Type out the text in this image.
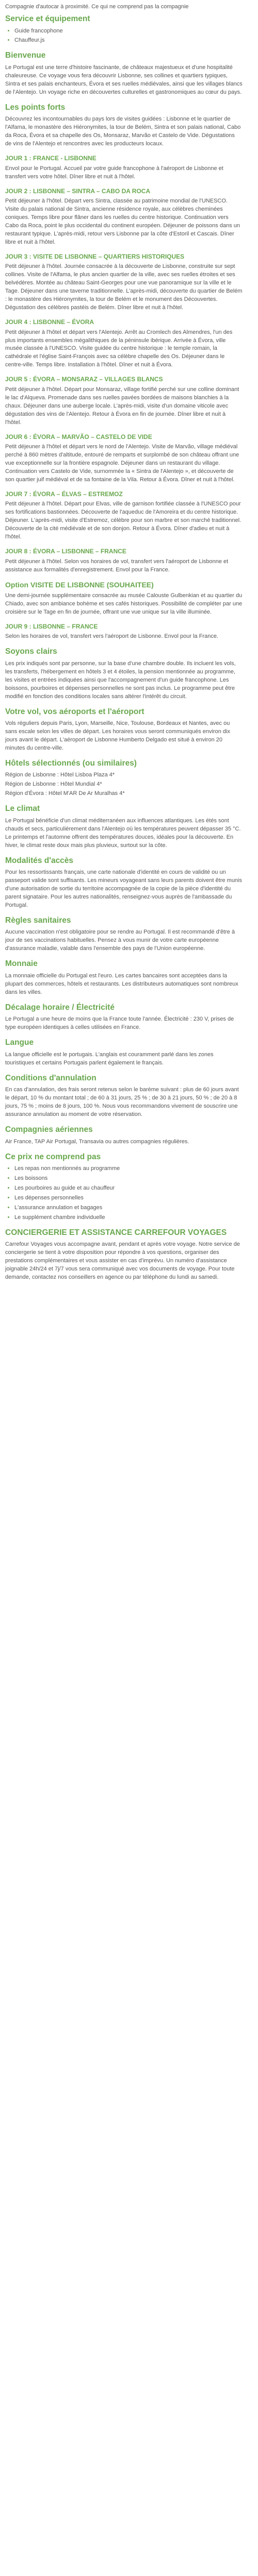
Compagnie d'autocar à proximité. Ce qui ne comprend pas la compagnie

Service et équipement
• Guide francophone
• Chauffeur.js
Bienvenue

Le Portugal est une terre d'histoire fascinante, de châteaux majestueux et d'une hospitalité chaleureuse. Ce voyage vous fera découvrir Lisbonne, ses collines et quartiers typiques, Sintra et ses palais enchanteurs, Évora et ses ruelles médiévales, ainsi que les villages blancs de l'Alentejo. Un voyage riche en découvertes culturelles et gastronomiques au cœur du pays.

Les points forts

Découvrez les incontournables du pays lors de visites guidées : Lisbonne et le quartier de l'Alfama, le monastère des Hiéronymites, la tour de Belém, Sintra et son palais national, Cabo da Roca, Évora et sa chapelle des Os, Monsaraz, Marvão et Castelo de Vide. Dégustations de vins de l'Alentejo et rencontres avec les producteurs locaux.

JOUR 1 : FRANCE - LISBONNE

Envol pour le Portugal. Accueil par votre guide francophone à l'aéroport de Lisbonne et transfert vers votre hôtel. Dîner libre et nuit à l'hôtel.

JOUR 2 : LISBONNE – SINTRA – CABO DA ROCA

Petit déjeuner à l'hôtel. Départ vers Sintra, classée au patrimoine mondial de l'UNESCO. Visite du palais national de Sintra, ancienne résidence royale, aux célèbres cheminées coniques. Temps libre pour flâner dans les ruelles du centre historique. Continuation vers Cabo da Roca, point le plus occidental du continent européen. Déjeuner de poissons dans un restaurant typique. L'après-midi, retour vers Lisbonne par la côte d'Estoril et Cascais. Dîner libre et nuit à l'hôtel.

JOUR 3 : VISITE DE LISBONNE – QUARTIERS HISTORIQUES

Petit déjeuner à l'hôtel. Journée consacrée à la découverte de Lisbonne, construite sur sept collines. Visite de l'Alfama, le plus ancien quartier de la ville, avec ses ruelles étroites et ses belvédères. Montée au château Saint-Georges pour une vue panoramique sur la ville et le Tage. Déjeuner dans une taverne traditionnelle. L'après-midi, découverte du quartier de Belém : le monastère des Hiéronymites, la tour de Belém et le monument des Découvertes. Dégustation des célèbres pastéis de Belém. Dîner libre et nuit à l'hôtel.

JOUR 4 : LISBONNE – ÉVORA

Petit déjeuner à l'hôtel et départ vers l'Alentejo. Arrêt au Cromlech des Almendres, l'un des plus importants ensembles mégalithiques de la péninsule ibérique. Arrivée à Évora, ville musée classée à l'UNESCO. Visite guidée du centre historique : le temple romain, la cathédrale et l'église Saint-François avec sa célèbre chapelle des Os. Déjeuner dans le centre-ville. Temps libre. Installation à l'hôtel. Dîner et nuit à Évora.

JOUR 5 : ÉVORA – MONSARAZ – VILLAGES BLANCS

Petit déjeuner à l'hôtel. Départ pour Monsaraz, village fortifié perché sur une colline dominant le lac d'Alqueva. Promenade dans ses ruelles pavées bordées de maisons blanchies à la chaux. Déjeuner dans une auberge locale. L'après-midi, visite d'un domaine viticole avec dégustation des vins de l'Alentejo. Retour à Évora en fin de journée. Dîner libre et nuit à l'hôtel.

JOUR 6 : ÉVORA – MARVÃO – CASTELO DE VIDE

Petit déjeuner à l'hôtel et départ vers le nord de l'Alentejo. Visite de Marvão, village médiéval perché à 860 mètres d'altitude, entouré de remparts et surplombé de son château offrant une vue exceptionnelle sur la frontière espagnole. Déjeuner dans un restaurant du village. Continuation vers Castelo de Vide, surnommée la « Sintra de l'Alentejo », et découverte de son quartier juif médiéval et de sa fontaine de la Vila. Retour à Évora. Dîner et nuit à l'hôtel.

JOUR 7 : ÉVORA – ÉLVAS – ESTREMOZ

Petit déjeuner à l'hôtel. Départ pour Elvas, ville de garnison fortifiée classée à l'UNESCO pour ses fortifications bastionnées. Découverte de l'aqueduc de l'Amoreira et du centre historique. Déjeuner. L'après-midi, visite d'Estremoz, célèbre pour son marbre et son marché traditionnel. Découverte de la cité médiévale et de son donjon. Retour à Évora. Dîner d'adieu et nuit à l'hôtel.

JOUR 8 : ÉVORA – LISBONNE – FRANCE

Petit déjeuner à l'hôtel. Selon vos horaires de vol, transfert vers l'aéroport de Lisbonne et assistance aux formalités d'enregistrement. Envol pour la France.

Option VISITE DE LISBONNE (SOUHAITEE)

Une demi-journée supplémentaire consacrée au musée Calouste Gulbenkian et au quartier du Chiado, avec son ambiance bohème et ses cafés historiques. Possibilité de compléter par une croisière sur le Tage en fin de journée, offrant une vue unique sur la ville illuminée.

JOUR 9 : LISBONNE – FRANCE

Selon les horaires de vol, transfert vers l'aéroport de Lisbonne. Envol pour la France.

Soyons clairs

Les prix indiqués sont par personne, sur la base d'une chambre double. Ils incluent les vols, les transferts, l'hébergement en hôtels 3 et 4 étoiles, la pension mentionnée au programme, les visites et entrées indiquées ainsi que l'accompagnement d'un guide francophone. Les boissons, pourboires et dépenses personnelles ne sont pas inclus. Le programme peut être modifié en fonction des conditions locales sans altérer l'intérêt du circuit.

Votre vol, vos aéroports et l'aéroport

Vols réguliers depuis Paris, Lyon, Marseille, Nice, Toulouse, Bordeaux et Nantes, avec ou sans escale selon les villes de départ. Les horaires vous seront communiqués environ dix jours avant le départ. L'aéroport de Lisbonne Humberto Delgado est situé à environ 20 minutes du centre-ville.

Hôtels sélectionnés (ou similaires)

Région de Lisbonne : Hôtel Lisboa Plaza 4*

Région de Lisbonne : Hôtel Mundial 4*

Région d'Évora : Hôtel M'AR De Ar Muralhas 4*

Le climat

Le Portugal bénéficie d'un climat méditerranéen aux influences atlantiques. Les étés sont chauds et secs, particulièrement dans l'Alentejo où les températures peuvent dépasser 35 °C. Le printemps et l'automne offrent des températures douces, idéales pour la découverte. En hiver, le climat reste doux mais plus pluvieux, surtout sur la côte.

Modalités d'accès

Pour les ressortissants français, une carte nationale d'identité en cours de validité ou un passeport valide sont suffisants. Les mineurs voyageant sans leurs parents doivent être munis d'une autorisation de sortie du territoire accompagnée de la copie de la pièce d'identité du parent signataire. Pour les autres nationalités, renseignez-vous auprès de l'ambassade du Portugal.

Règles sanitaires

Aucune vaccination n'est obligatoire pour se rendre au Portugal. Il est recommandé d'être à jour de ses vaccinations habituelles. Pensez à vous munir de votre carte européenne d'assurance maladie, valable dans l'ensemble des pays de l'Union européenne.

Monnaie

La monnaie officielle du Portugal est l'euro. Les cartes bancaires sont acceptées dans la plupart des commerces, hôtels et restaurants. Les distributeurs automatiques sont nombreux dans les villes.

Décalage horaire / Électricité

Le Portugal a une heure de moins que la France toute l'année. Électricité : 230 V, prises de type européen identiques à celles utilisées en France.

Langue

La langue officielle est le portugais. L'anglais est couramment parlé dans les zones touristiques et certains Portugais parlent également le français.

Conditions d'annulation

En cas d'annulation, des frais seront retenus selon le barème suivant : plus de 60 jours avant le départ, 10 % du montant total ; de 60 à 31 jours, 25 % ; de 30 à 21 jours, 50 % ; de 20 à 8 jours, 75 % ; moins de 8 jours, 100 %. Nous vous recommandons vivement de souscrire une assurance annulation au moment de votre réservation.

Compagnies aériennes

Air France, TAP Air Portugal, Transavia ou autres compagnies régulières.

Ce prix ne comprend pas
• Les repas non mentionnés au programme
• Les boissons
• Les pourboires au guide et au chauffeur
• Les dépenses personnelles
• L'assurance annulation et bagages
• Le supplément chambre individuelle
CONCIERGERIE ET ASSISTANCE CARREFOUR VOYAGES

Carrefour Voyages vous accompagne avant, pendant et après votre voyage. Notre service de conciergerie se tient à votre disposition pour répondre à vos questions, organiser des prestations complémentaires et vous assister en cas d'imprévu. Un numéro d'assistance joignable 24h/24 et 7j/7 vous sera communiqué avec vos documents de voyage. Pour toute demande, contactez nos conseillers en agence ou par téléphone du lundi au samedi.
